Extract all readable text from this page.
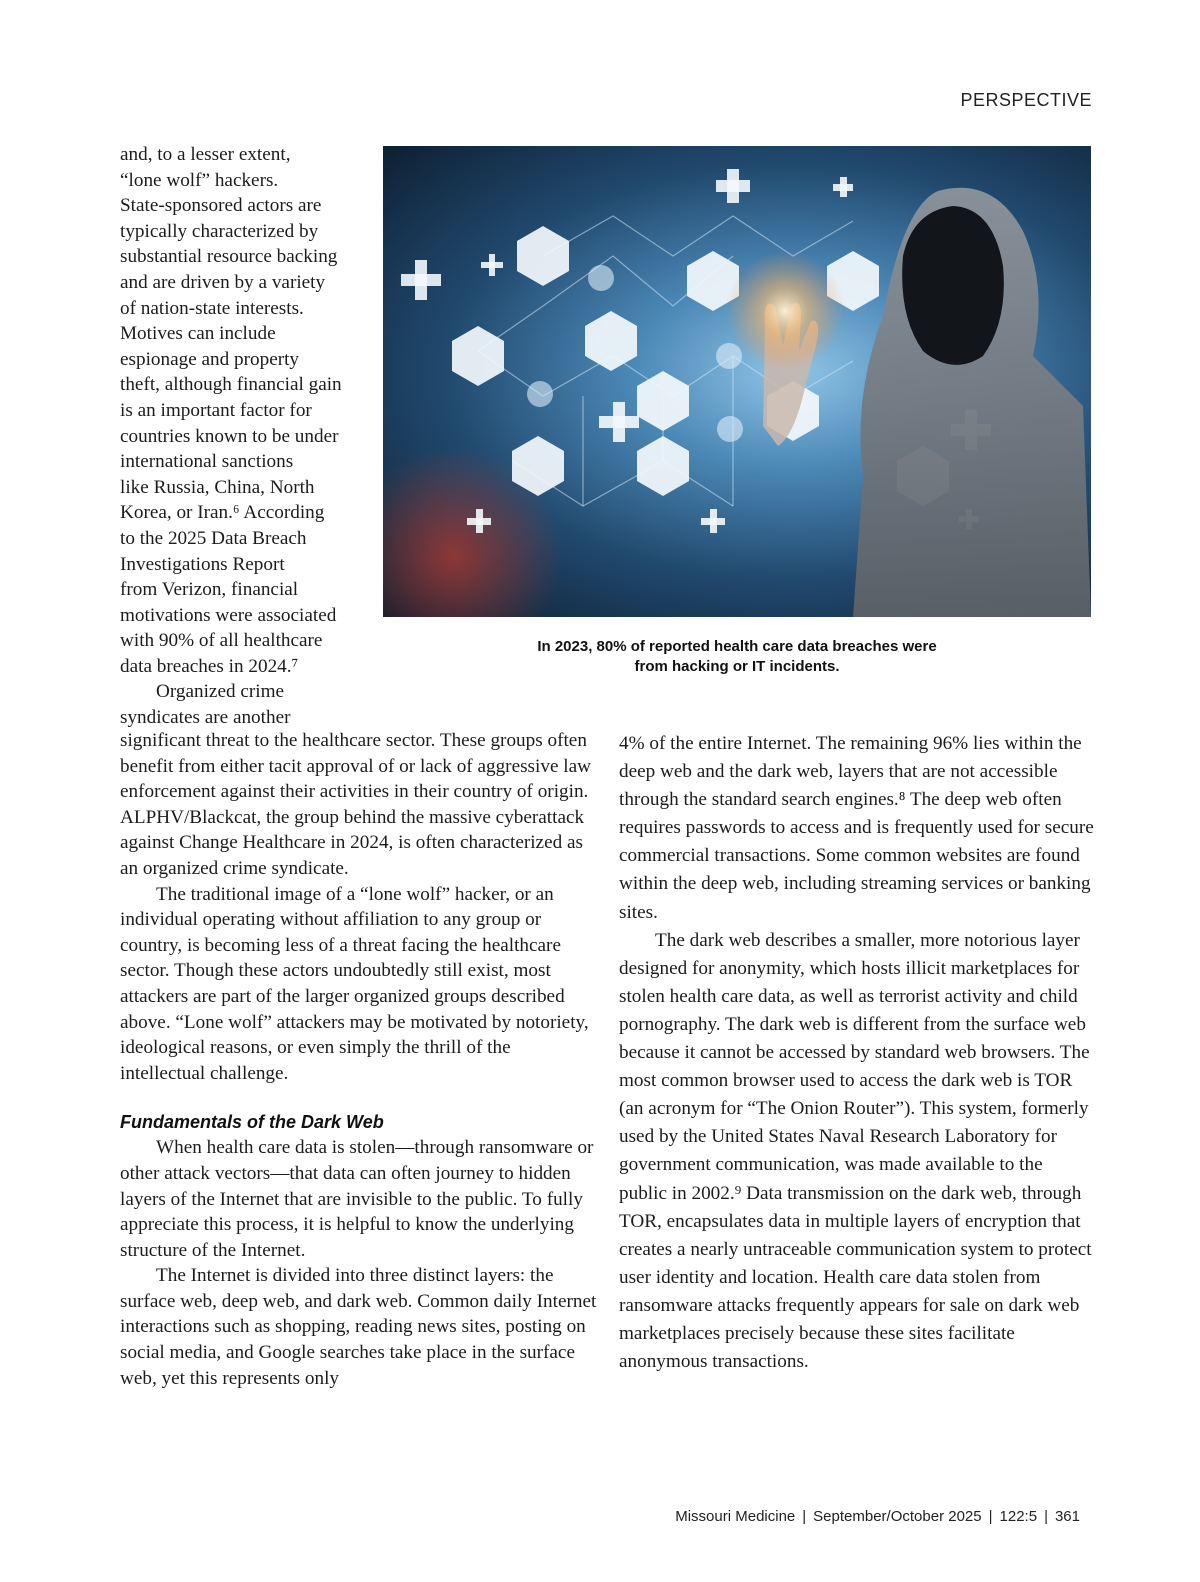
PERSPECTIVE
In 2023, 80% of reported health care data breaches were
from hacking or IT incidents.
and, to a lesser extent,
“lone wolf” hackers.
State-sponsored actors are
typically characterized by
substantial resource backing
and are driven by a variety
of nation-state interests.
Motives can include
espionage and property
theft, although financial gain
is an important factor for
countries known to be under
international sanctions
like Russia, China, North
Korea, or Iran.⁶ According
to the 2025 Data Breach
Investigations Report
from Verizon, financial
motivations were associated
with 90% of all healthcare
data breaches in 2024.⁷
Organized crime
syndicates are another

significant threat to the healthcare sector. These groups often benefit from either tacit approval of or lack of aggressive law enforcement against their activities in their country of origin. ALPHV/Blackcat, the group behind the massive cyberattack against Change Healthcare in 2024, is often characterized as an organized crime syndicate.

The traditional image of a “lone wolf” hacker, or an individual operating without affiliation to any group or country, is becoming less of a threat facing the healthcare sector. Though these actors undoubtedly still exist, most attackers are part of the larger organized groups described above. “Lone wolf” attackers may be motivated by notoriety, ideological reasons, or even simply the thrill of the intellectual challenge.

Fundamentals of the Dark Web

When health care data is stolen—through ransomware or other attack vectors—that data can often journey to hidden layers of the Internet that are invisible to the public. To fully appreciate this process, it is helpful to know the underlying structure of the Internet.

The Internet is divided into three distinct layers: the surface web, deep web, and dark web. Common daily Internet interactions such as shopping, reading news sites, posting on social media, and Google searches take place in the surface web, yet this represents only

4% of the entire Internet. The remaining 96% lies within the deep web and the dark web, layers that are not accessible through the standard search engines.⁸ The deep web often requires passwords to access and is frequently used for secure commercial transactions. Some common websites are found within the deep web, including streaming services or banking sites.

The dark web describes a smaller, more notorious layer designed for anonymity, which hosts illicit marketplaces for stolen health care data, as well as terrorist activity and child pornography. The dark web is different from the surface web because it cannot be accessed by standard web browsers. The most common browser used to access the dark web is TOR (an acronym for “The Onion Router”). This system, formerly used by the United States Naval Research Laboratory for government communication, was made available to the public in 2002.⁹ Data transmission on the dark web, through TOR, encapsulates data in multiple layers of encryption that creates a nearly untraceable communication system to protect user identity and location. Health care data stolen from ransomware attacks frequently appears for sale on dark web marketplaces precisely because these sites facilitate anonymous transactions.

Missouri Medicine | September/October 2025 | 122:5 | 361
